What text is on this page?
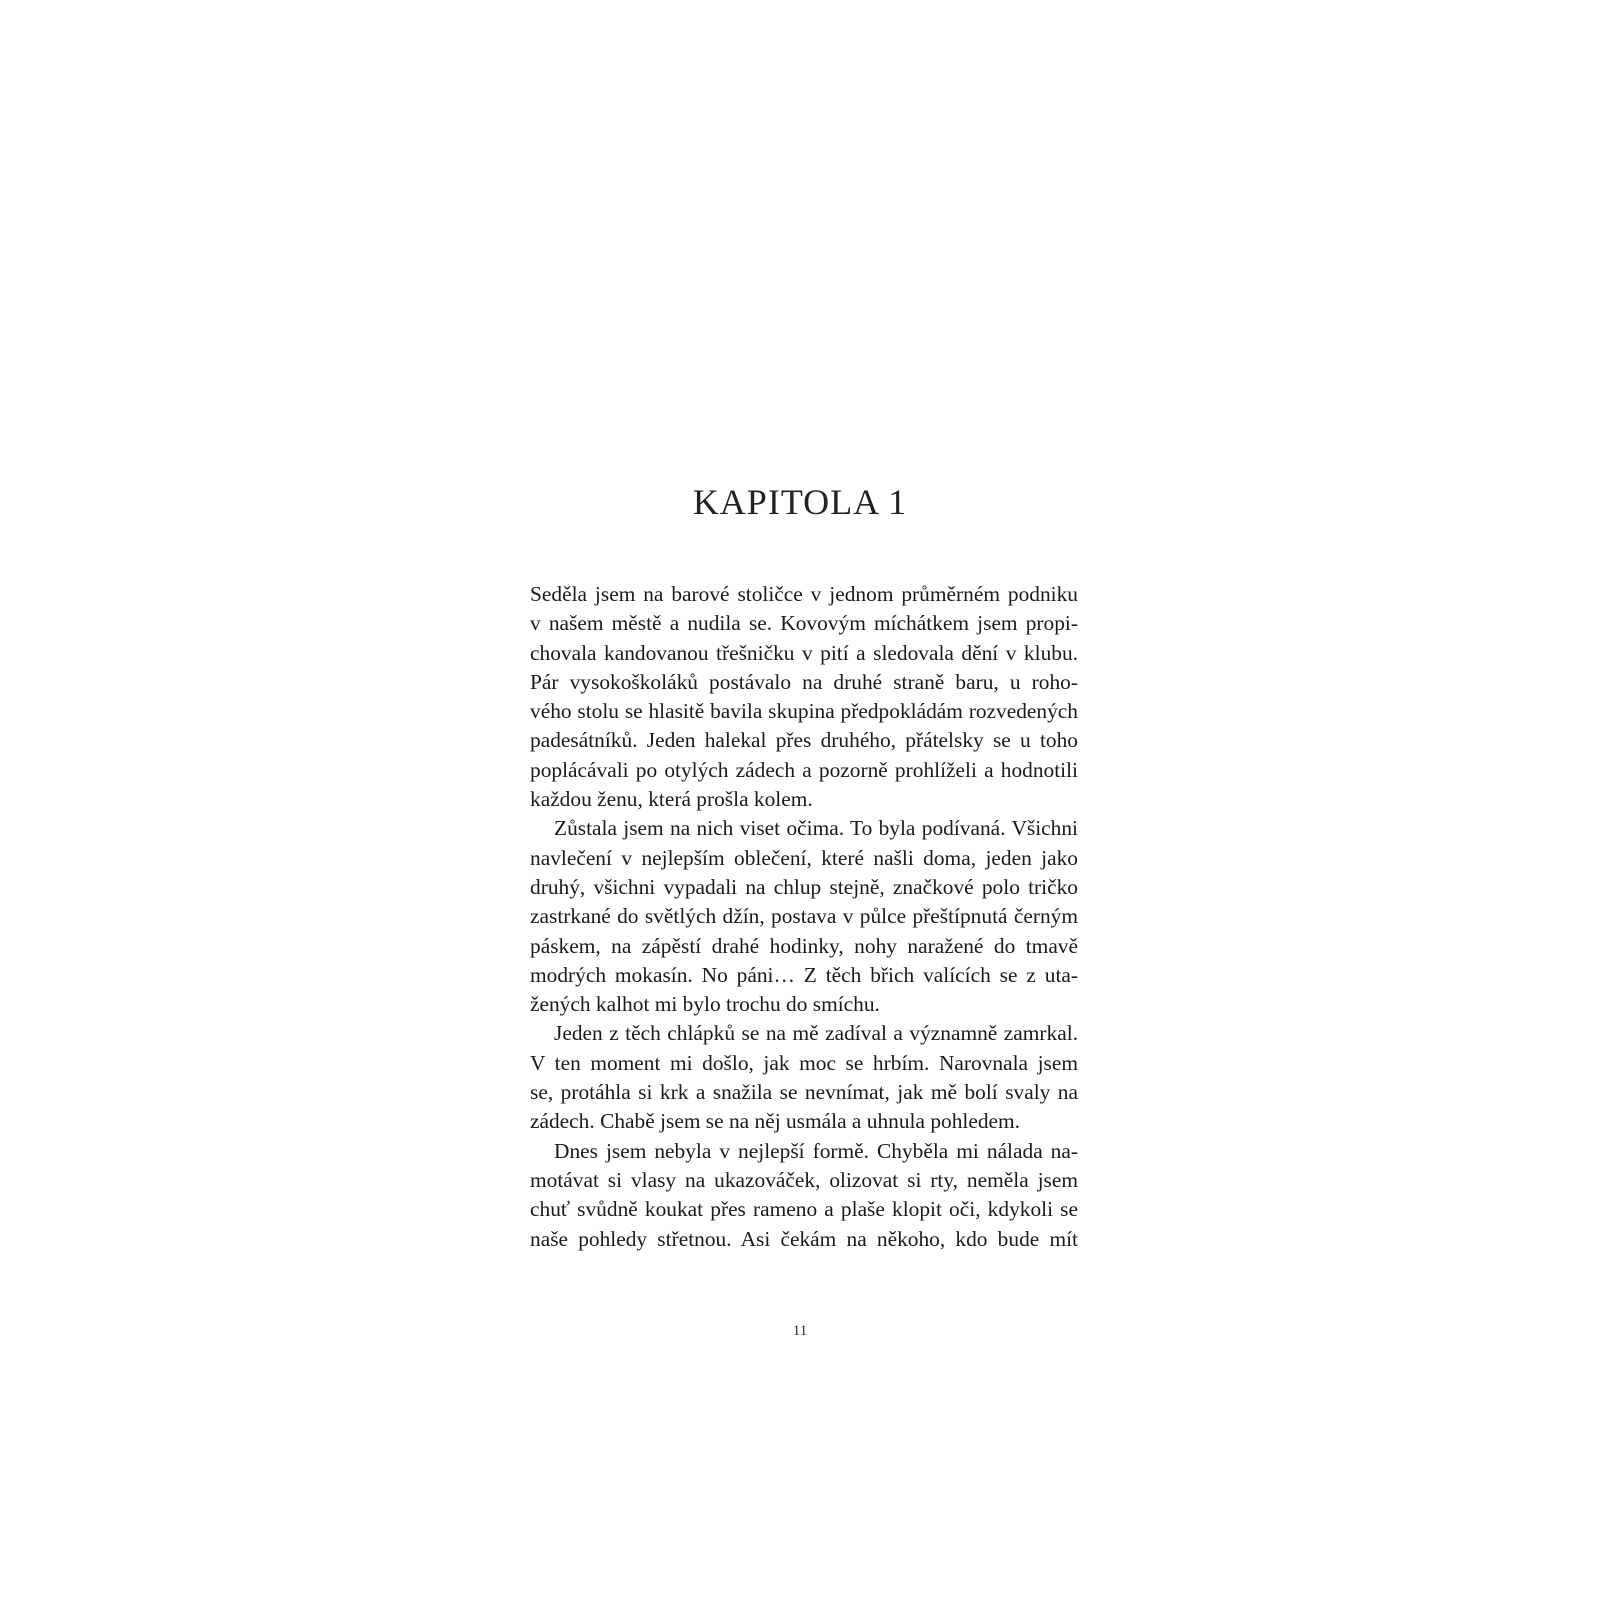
KAPITOLA 1
Seděla jsem na barové stoličce v jednom průměrném podniku
v našem městě a nudila se. Kovovým míchátkem jsem propi-
chovala kandovanou třešničku v pití a sledovala dění v klubu.
Pár vysokoškoláků postávalo na druhé straně baru, u roho-
vého stolu se hlasitě bavila skupina předpokládám rozvedených
padesátníků. Jeden halekal přes druhého, přátelsky se u toho
poplácávali po otylých zádech a pozorně prohlíželi a hodnotili
každou ženu, která prošla kolem.
Zůstala jsem na nich viset očima. To byla podívaná. Všichni
navlečení v nejlepším oblečení, které našli doma, jeden jako
druhý, všichni vypadali na chlup stejně, značkové polo tričko
zastrkané do světlých džín, postava v půlce přeštípnutá černým
páskem, na zápěstí drahé hodinky, nohy naražené do tmavě
modrých mokasín. No páni… Z těch břich valících se z uta-
žených kalhot mi bylo trochu do smíchu.
Jeden z těch chlápků se na mě zadíval a významně zamrkal.
V ten moment mi došlo, jak moc se hrbím. Narovnala jsem
se, protáhla si krk a snažila se nevnímat, jak mě bolí svaly na
zádech. Chabě jsem se na něj usmála a uhnula pohledem.
Dnes jsem nebyla v nejlepší formě. Chyběla mi nálada na-
motávat si vlasy na ukazováček, olizovat si rty, neměla jsem
chuť svůdně koukat přes rameno a plaše klopit oči, kdykoli se
naše pohledy střetnou. Asi čekám na někoho, kdo bude mít
11
